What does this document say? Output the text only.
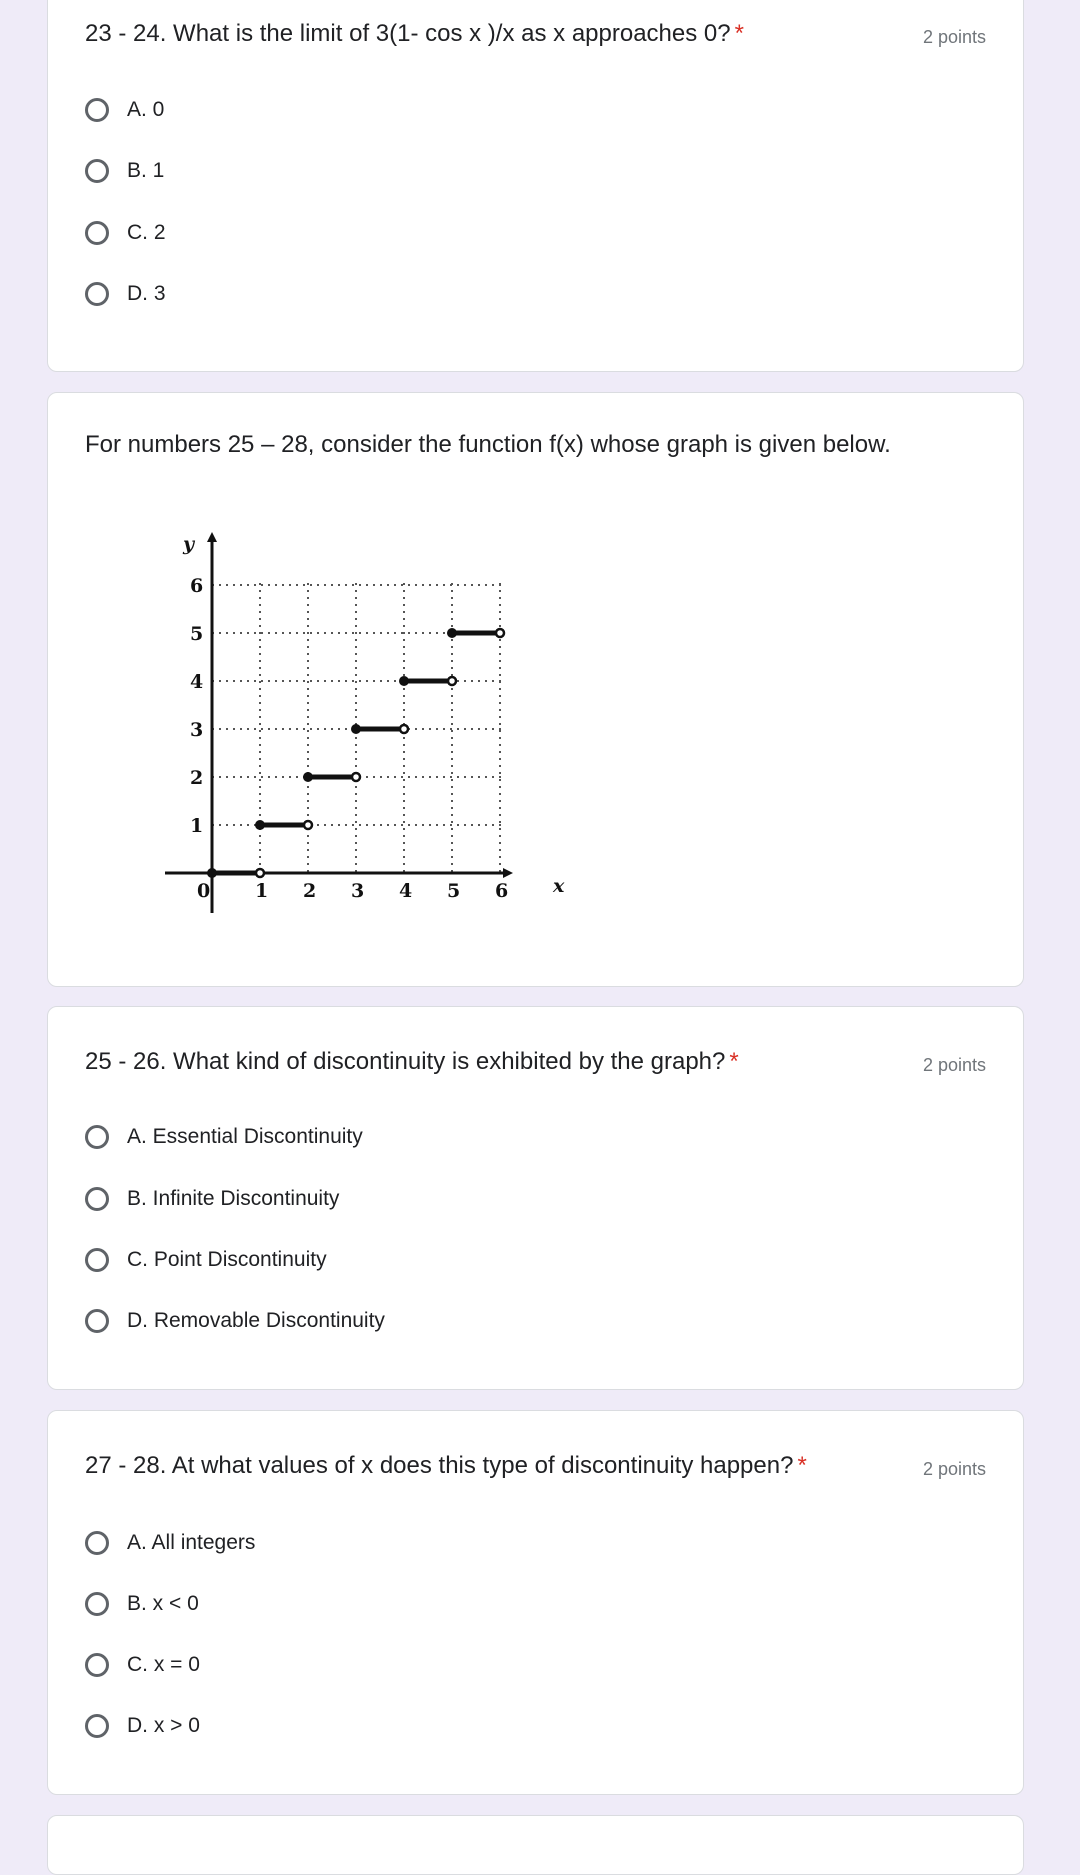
23 - 24. What is the limit of 3(1- cos x )/x as x approaches 0? *	2 points
A. 0
B. 1
C. 2
D. 3
For numbers 25 – 28, consider the function f(x) whose graph is given below.
y
x
0 1 2 3 4 5 6
1
2
3
4
5
6
25 - 26. What kind of discontinuity is exhibited by the graph? *	2 points
A. Essential Discontinuity
B. Infinite Discontinuity
C. Point Discontinuity
D. Removable Discontinuity
27 - 28. At what values of x does this type of discontinuity happen? *	2 points
A. All integers
B. x < 0
C. x = 0
D. x > 0
